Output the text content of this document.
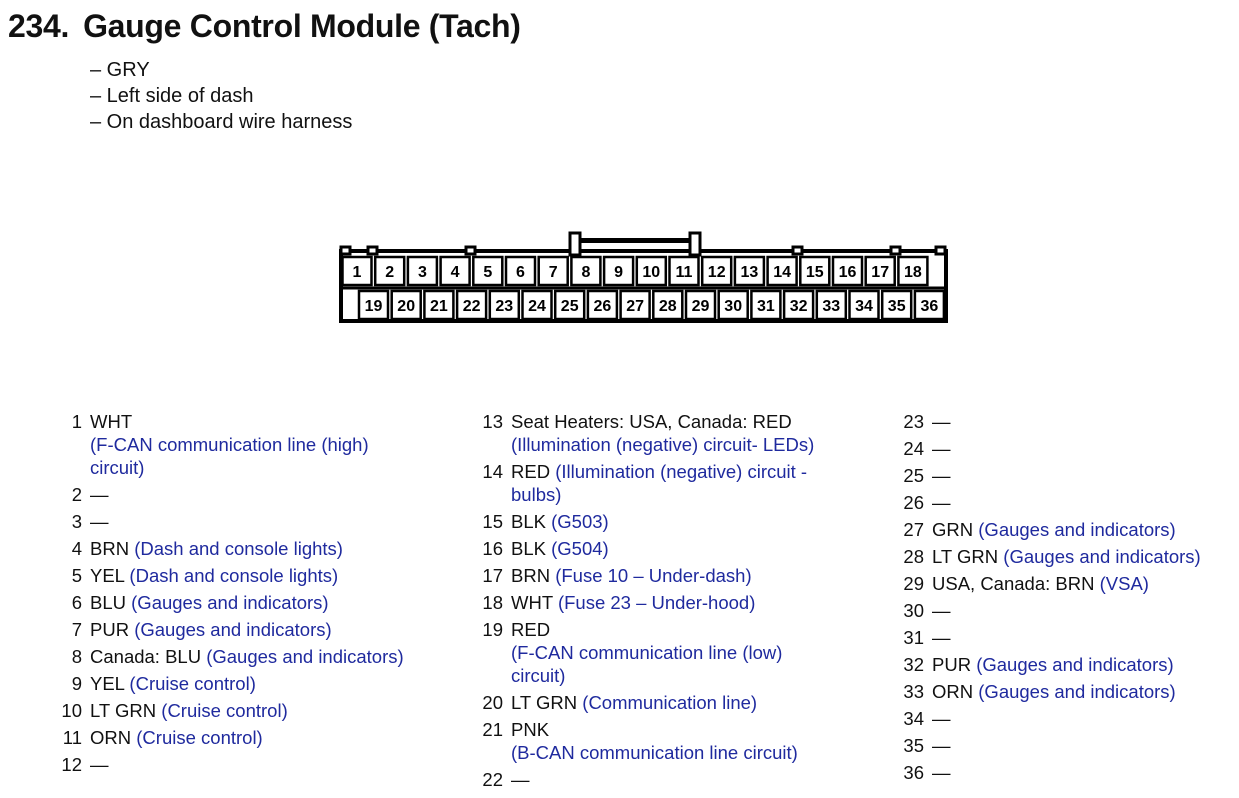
234. Gauge Control Module (Tach)
– GRY
– Left side of dash
– On dashboard wire harness
1 2 3 4 5 6 7 8 9 10 11 12 13 14 15 16 17 18
19 20 21 22 23 24 25 26 27 28 29 30 31 32 33 34 35 36
1 WHT
(F-CAN communication line (high)
circuit)
2 —
3 —
4 BRN (Dash and console lights)
5 YEL (Dash and console lights)
6 BLU (Gauges and indicators)
7 PUR (Gauges and indicators)
8 Canada: BLU (Gauges and indicators)
9 YEL (Cruise control)
10 LT GRN (Cruise control)
11 ORN (Cruise control)
12 —
13 Seat Heaters: USA, Canada: RED
(Illumination (negative) circuit- LEDs)
14 RED (Illumination (negative) circuit -
bulbs)
15 BLK (G503)
16 BLK (G504)
17 BRN (Fuse 10 – Under-dash)
18 WHT (Fuse 23 – Under-hood)
19 RED
(F-CAN communication line (low)
circuit)
20 LT GRN (Communication line)
21 PNK
(B-CAN communication line circuit)
22 —
23 —
24 —
25 —
26 —
27 GRN (Gauges and indicators)
28 LT GRN (Gauges and indicators)
29 USA, Canada: BRN (VSA)
30 —
31 —
32 PUR (Gauges and indicators)
33 ORN (Gauges and indicators)
34 —
35 —
36 —
